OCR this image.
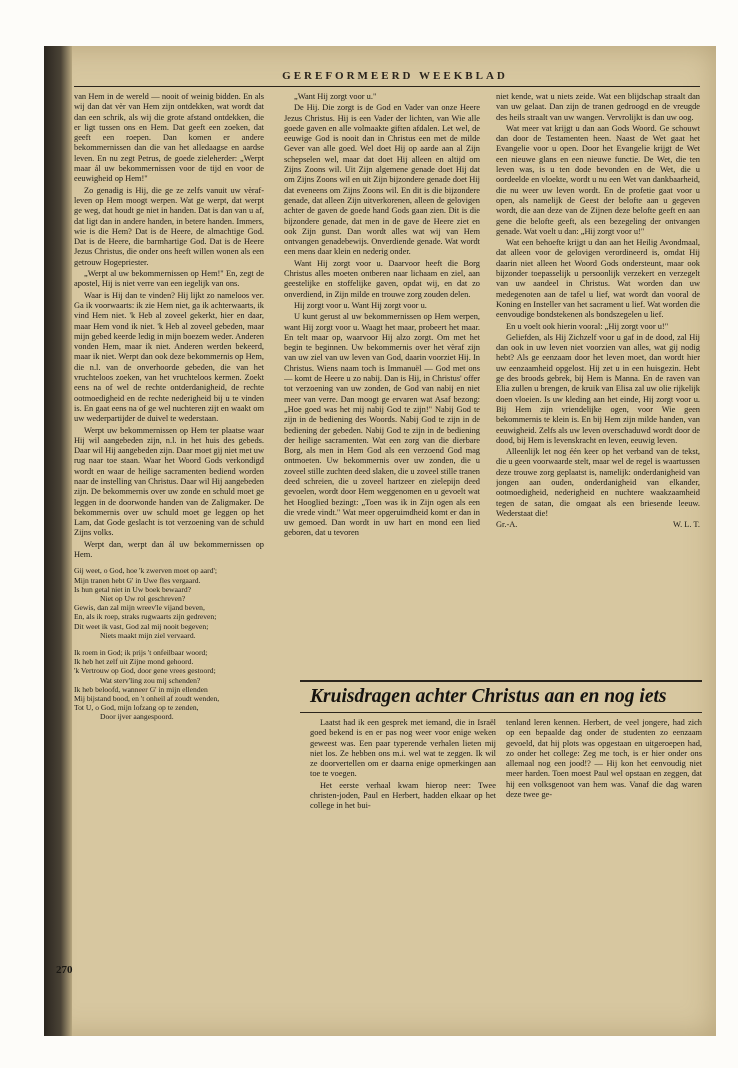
GEREFORMEERD WEEKBLAD

van Hem in de wereld — nooit of weinig bidden. En als wij dan dat vèr van Hem zijn ontdekken, wat wordt dat dan een schrik, als wij die grote afstand ontdekken, die er ligt tussen ons en Hem. Dat geeft een zoeken, dat geeft een roepen. Dan komen er andere bekommernissen dan die van het alledaagse en aardse leven. En nu zegt Petrus, de goede zieleherder: „Werpt maar ál uw bekommernissen voor de tijd en voor de eeuwigheid op Hem!"

Zo genadig is Hij, die ge ze zelfs vanuit uw vèraf-leven op Hem moogt werpen. Wat ge werpt, dat werpt ge weg, dat houdt ge niet in handen. Dat is dan van u af, dat ligt dan in andere handen, in betere handen. Immers, wie is die Hem? Dat is de Heere, de almachtige God. Dat is de Heere, die barmhartige God. Dat is de Heere Jezus Christus, die onder ons heeft willen wonen als een getrouw Hogepriester.

„Werpt al uw bekommernissen op Hem!" En, zegt de apostel, Hij is niet verre van een iegelijk van ons.

Waar is Hij dan te vinden? Hij lijkt zo nameloos ver. Ga ik voorwaarts: ik zie Hem niet, ga ik achterwaarts, ik vind Hem niet. 'k Heb al zoveel gekerkt, hier en daar, maar Hem vond ik niet. 'k Heb al zoveel gebeden, maar mijn gebed keerde ledig in mijn boezem weder. Anderen vonden Hem, maar ik niet. Anderen werden bekeerd, maar ik niet. Werpt dan ook deze bekommernis op Hem, die n.l. van de onverhoorde gebeden, die van het vruchteloos zoeken, van het vruchteloos kermen. Zoekt eens na of wel de rechte ontderdanigheid, de rechte ootmoedigheid en de rechte nederigheid bij u te vinden is. En gaat eens na of ge wel nuchteren zijt en waakt om uw wederpartijder de duivel te wederstaan.

Werpt uw bekommernissen op Hem ter plaatse waar Hij wil aangebeden zijn, n.l. in het huis des gebeds. Daar wil Hij aangebeden zijn. Daar moet gij niet met uw rug naar toe staan. Waar het Woord Gods verkondigd wordt en waar de heilige sacramenten bediend worden naar de instelling van Christus. Daar wil Hij aangebeden zijn. De bekommernis over uw zonde en schuld moet ge leggen in de doorwonde handen van de Zaligmaker. De bekommernis over uw schuld moet ge leggen op het Lam, dat Gode geslacht is tot verzoening van de schuld Zijns volks.

Werpt dan, werpt dan ál uw bekommernissen op Hem.

Gij weet, o God, hoe 'k zwerven moet op aard';
Mijn tranen hebt G' in Uwe fles vergaard.
Is hun getal niet in Uw boek bewaard?
Niet op Uw rol geschreven?
Gewis, dan zal mijn wreev'le vijand beven,
En, als ik roep, straks rugwaarts zijn gedreven;
Dit weet ik vast, God zal mij nooit begeven;
Niets maakt mijn ziel vervaard.
Ik roem in God; ik prijs 't onfeilbaar woord;
Ik heb het zelf uit Zijne mond gehoord.
'k Vertrouw op God, door gene vrees gestoord;
Wat sterv'ling zou mij schenden?
Ik heb beloofd, wanneer G' in mijn ellenden
Mij bijstand bood, en 't onheil af zoudt wenden,
Tot U, o God, mijn lofzang op te zenden,
Door ijver aangespoord.

„Want Hij zorgt voor u."

De Hij. Die zorgt is de God en Vader van onze Heere Jezus Christus. Hij is een Vader der lichten, van Wie alle goede gaven en alle volmaakte giften afdalen. Let wel, de eeuwige God is nooit dan in Christus een met de milde Gever van alle goed. Wel doet Hij op aarde aan al Zijn schepselen wel, maar dat doet Hij alleen en altijd om Zijns Zoons wil. Uit Zijn algemene genade doet Hij dat om Zijns Zoons wil en uit Zijn bijzondere genade doet Hij dat eveneens om Zijns Zoons wil. En dit is die bijzondere genade, dat alleen Zijn uitverkorenen, alleen de gelovigen achter de gaven de goede hand Gods gaan zien. Dit is die bijzondere genade, dat men in de gave de Heere ziet en ook Zijn gunst. Dan wordt alles wat wij van Hem ontvangen genadebewijs. Onverdiende genade. Wat wordt een mens daar klein en nederig onder.

Want Hij zorgt voor u. Daarvoor heeft die Borg Christus alles moeten ontberen naar lichaam en ziel, aan geestelijke en stoffelijke gaven, opdat wij, en dat zo onverdiend, in Zijn milde en trouwe zorg zouden delen.

Hij zorgt voor u. Want Hij zorgt voor u.

U kunt gerust al uw bekommernissen op Hem werpen, want Hij zorgt voor u. Waagt het maar, probeert het maar. En telt maar op, waarvoor Hij alzo zorgt. Om met het begin te beginnen. Uw bekommernis over het vèraf zijn van uw ziel van uw leven van God, daarin voorziet Hij. In Christus. Wiens naam toch is Immanuël — God met ons — komt de Heere u zo nabij. Dan is Hij, in Christus' offer tot verzoening van uw zonden, de God van nabij en niet meer van verre. Dan moogt ge ervaren wat Asaf bezong: „Hoe goed was het mij nabij God te zijn!" Nabij God te zijn in de bediening des Woords. Nabij God te zijn in de bediening der gebeden. Nabij God te zijn in de bediening der heilige sacramenten. Wat een zorg van die dierbare Borg, als men in Hem God als een verzoend God mag ontmoeten. Uw bekommernis over uw zonden, die u zoveel stille zuchten deed slaken, die u zoveel stille tranen deed schreien, die u zoveel hartzeer en zielepijn deed gevoelen, wordt door Hem weggenomen en u gevoelt wat het Hooglied bezingt: „Toen was ik in Zijn ogen als een die vrede vindt." Wat meer opgeruimdheid komt er dan in uw gemoed. Dan wordt in uw hart en mond een lied geboren, dat u tevoren

niet kende, wat u niets zeide. Wat een blijdschap straalt dan van uw gelaat. Dan zijn de tranen gedroogd en de vreugde des heils straalt van uw wangen. Vervrolijkt is dan uw oog.

Wat meer vat krijgt u dan aan Gods Woord. Ge schouwt dan door de Testamenten heen. Naast de Wet gaat het Evangelie voor u open. Door het Evangelie krijgt de Wet een nieuwe glans en een nieuwe functie. De Wet, die ten leven was, is u ten dode bevonden en de Wet, die u oordeelde en vloekte, wordt u nu een Wet van dankbaarheid, die nu weer uw leven wordt. En de profetie gaat voor u open, als namelijk de Geest der belofte aan u gegeven wordt, die aan deze van de Zijnen deze belofte geeft en aan gene die belofte geeft, als een bezegeling der ontvangen genade. Wat voelt u dan: „Hij zorgt voor u!"

Wat een behoefte krijgt u dan aan het Heilig Avondmaal, dat alleen voor de gelovigen verordineerd is, omdat Hij daarin niet alleen het Woord Gods ondersteunt, maar ook bijzonder toepasselijk u persoonlijk verzekert en verzegelt van uw aandeel in Christus. Wat worden dan uw medegenoten aan de tafel u lief, wat wordt dan vooral de Koning en Insteller van het sacrament u lief. Wat worden die eenvoudige bondstekenen als bondszegelen u lief.

En u voelt ook hierin vooral: „Hij zorgt voor u!"

Geliefden, als Hij Zichzelf voor u gaf in de dood, zal Hij dan ook in uw leven niet voorzien van alles, wat gij nodig hebt? Als ge eenzaam door het leven moet, dan wordt hier uw eenzaamheid opgelost. Hij zet u in een huisgezin. Hebt ge des broods gebrek, bij Hem is Manna. En de raven van Elia zullen u brengen, de kruik van Elisa zal uw olie rijkelijk doen vloeien. Is uw kleding aan het einde, Hij zorgt voor u. Bij Hem zijn vriendelijke ogen, voor Wie geen bekommernis te klein is. En bij Hem zijn milde handen, van eeuwigheid. Zelfs als uw leven overschaduwd wordt door de dood, bij Hem is levenskracht en leven, eeuwig leven.

Alleenlijk let nog één keer op het verband van de tekst, die u geen voorwaarde stelt, maar wel de regel is waartussen deze trouwe zorg geplaatst is, namelijk: onderdanigheid van jongen aan ouden, onderdanigheid van elkander, ootmoedigheid, nederigheid en nuchtere waakzaamheid tegen de satan, die omgaat als een briesende leeuw. Wederstaat die!

Gr.-A.	W. L. T.
Kruisdragen achter Christus aan en nog iets

Laatst had ik een gesprek met iemand, die in Israël goed bekend is en er pas nog weer voor enige weken geweest was. Een paar typerende verhalen lieten mij niet los. Ze hebben ons m.i. wel wat te zeggen. Ik wil ze doorvertellen om er daarna enige opmerkingen aan toe te voegen.

Het eerste verhaal kwam hierop neer: Twee christen-joden, Paul en Herbert, hadden elkaar op het college in het bui-

tenland leren kennen. Herbert, de veel jongere, had zich op een bepaalde dag onder de studenten zo eenzaam gevoeld, dat hij plots was opgestaan en uitgeroepen had, zo onder het college: Zeg me toch, is er hier onder ons allemaal nog een jood!? — Hij kon het eenvoudig niet meer harden. Toen moest Paul wel opstaan en zeggen, dat hij een volksgenoot van hem was. Vanaf die dag waren deze twee ge-

270
